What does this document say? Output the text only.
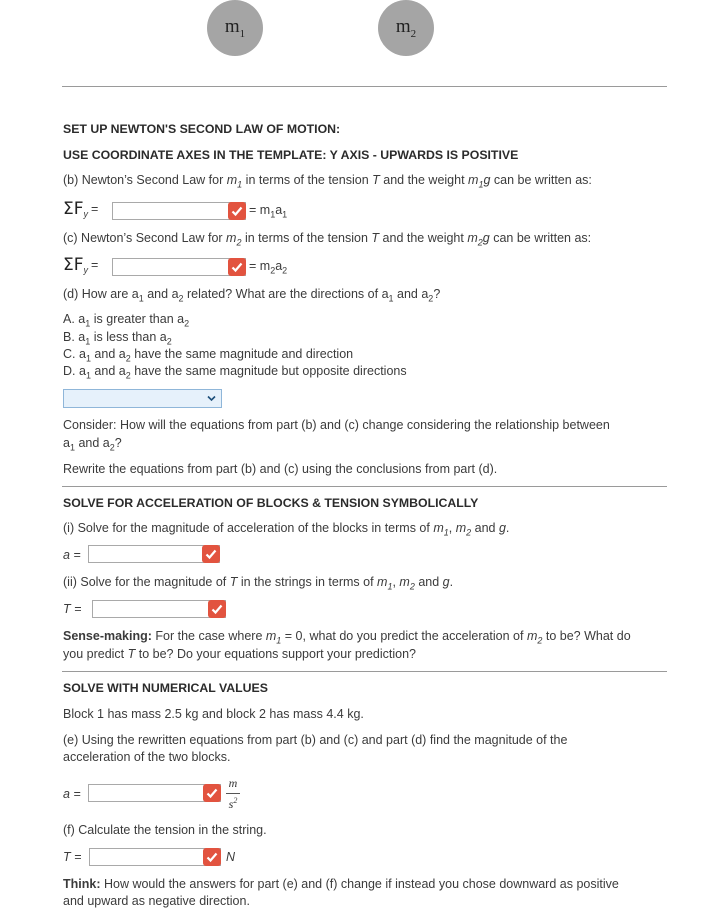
$m_1$	$m_2$
SET UP NEWTON'S SECOND LAW OF MOTION:
USE COORDINATE AXES IN THE TEMPLATE: Y AXIS - UPWARDS IS POSITIVE
(b) Newton’s Second Law for $m_1$ in terms of the tension T and the weight $m_1g$ can be written as:
$\Sigma F_y$ =	= $m_1a_1$
(c) Newton’s Second Law for $m_2$ in terms of the tension T and the weight $m_2g$ can be written as:
$\Sigma F_y$ =	= $m_2a_2$
(d) How are $a_1$ and $a_2$ related? What are the directions of $a_1$ and $a_2$?
A. $a_1$ is greater than $a_2$
B. $a_1$ is less than $a_2$
C. $a_1$ and $a_2$ have the same magnitude and direction
D. $a_1$ and $a_2$ have the same magnitude but opposite directions
Consider: How will the equations from part (b) and (c) change considering the relationship between
$a_1$ and $a_2$?
Rewrite the equations from part (b) and (c) using the conclusions from part (d).
SOLVE FOR ACCELERATION OF BLOCKS & TENSION SYMBOLICALLY
(i) Solve for the magnitude of acceleration of the blocks in terms of $m_1$, $m_2$ and g.
a =
(ii) Solve for the magnitude of T in the strings in terms of $m_1$, $m_2$ and g.
T =
Sense-making: For the case where $m_1 = 0$, what do you predict the acceleration of $m_2$ to be? What do
you predict T to be? Do your equations support your prediction?
SOLVE WITH NUMERICAL VALUES
Block 1 has mass 2.5 kg and block 2 has mass 4.4 kg.
(e) Using the rewritten equations from part (b) and (c) and part (d) find the magnitude of the
acceleration of the two blocks.
a =
m
$s^2$
(f) Calculate the tension in the string.
T =	N
Think: How would the answers for part (e) and (f) change if instead you chose downward as positive
and upward as negative direction.
